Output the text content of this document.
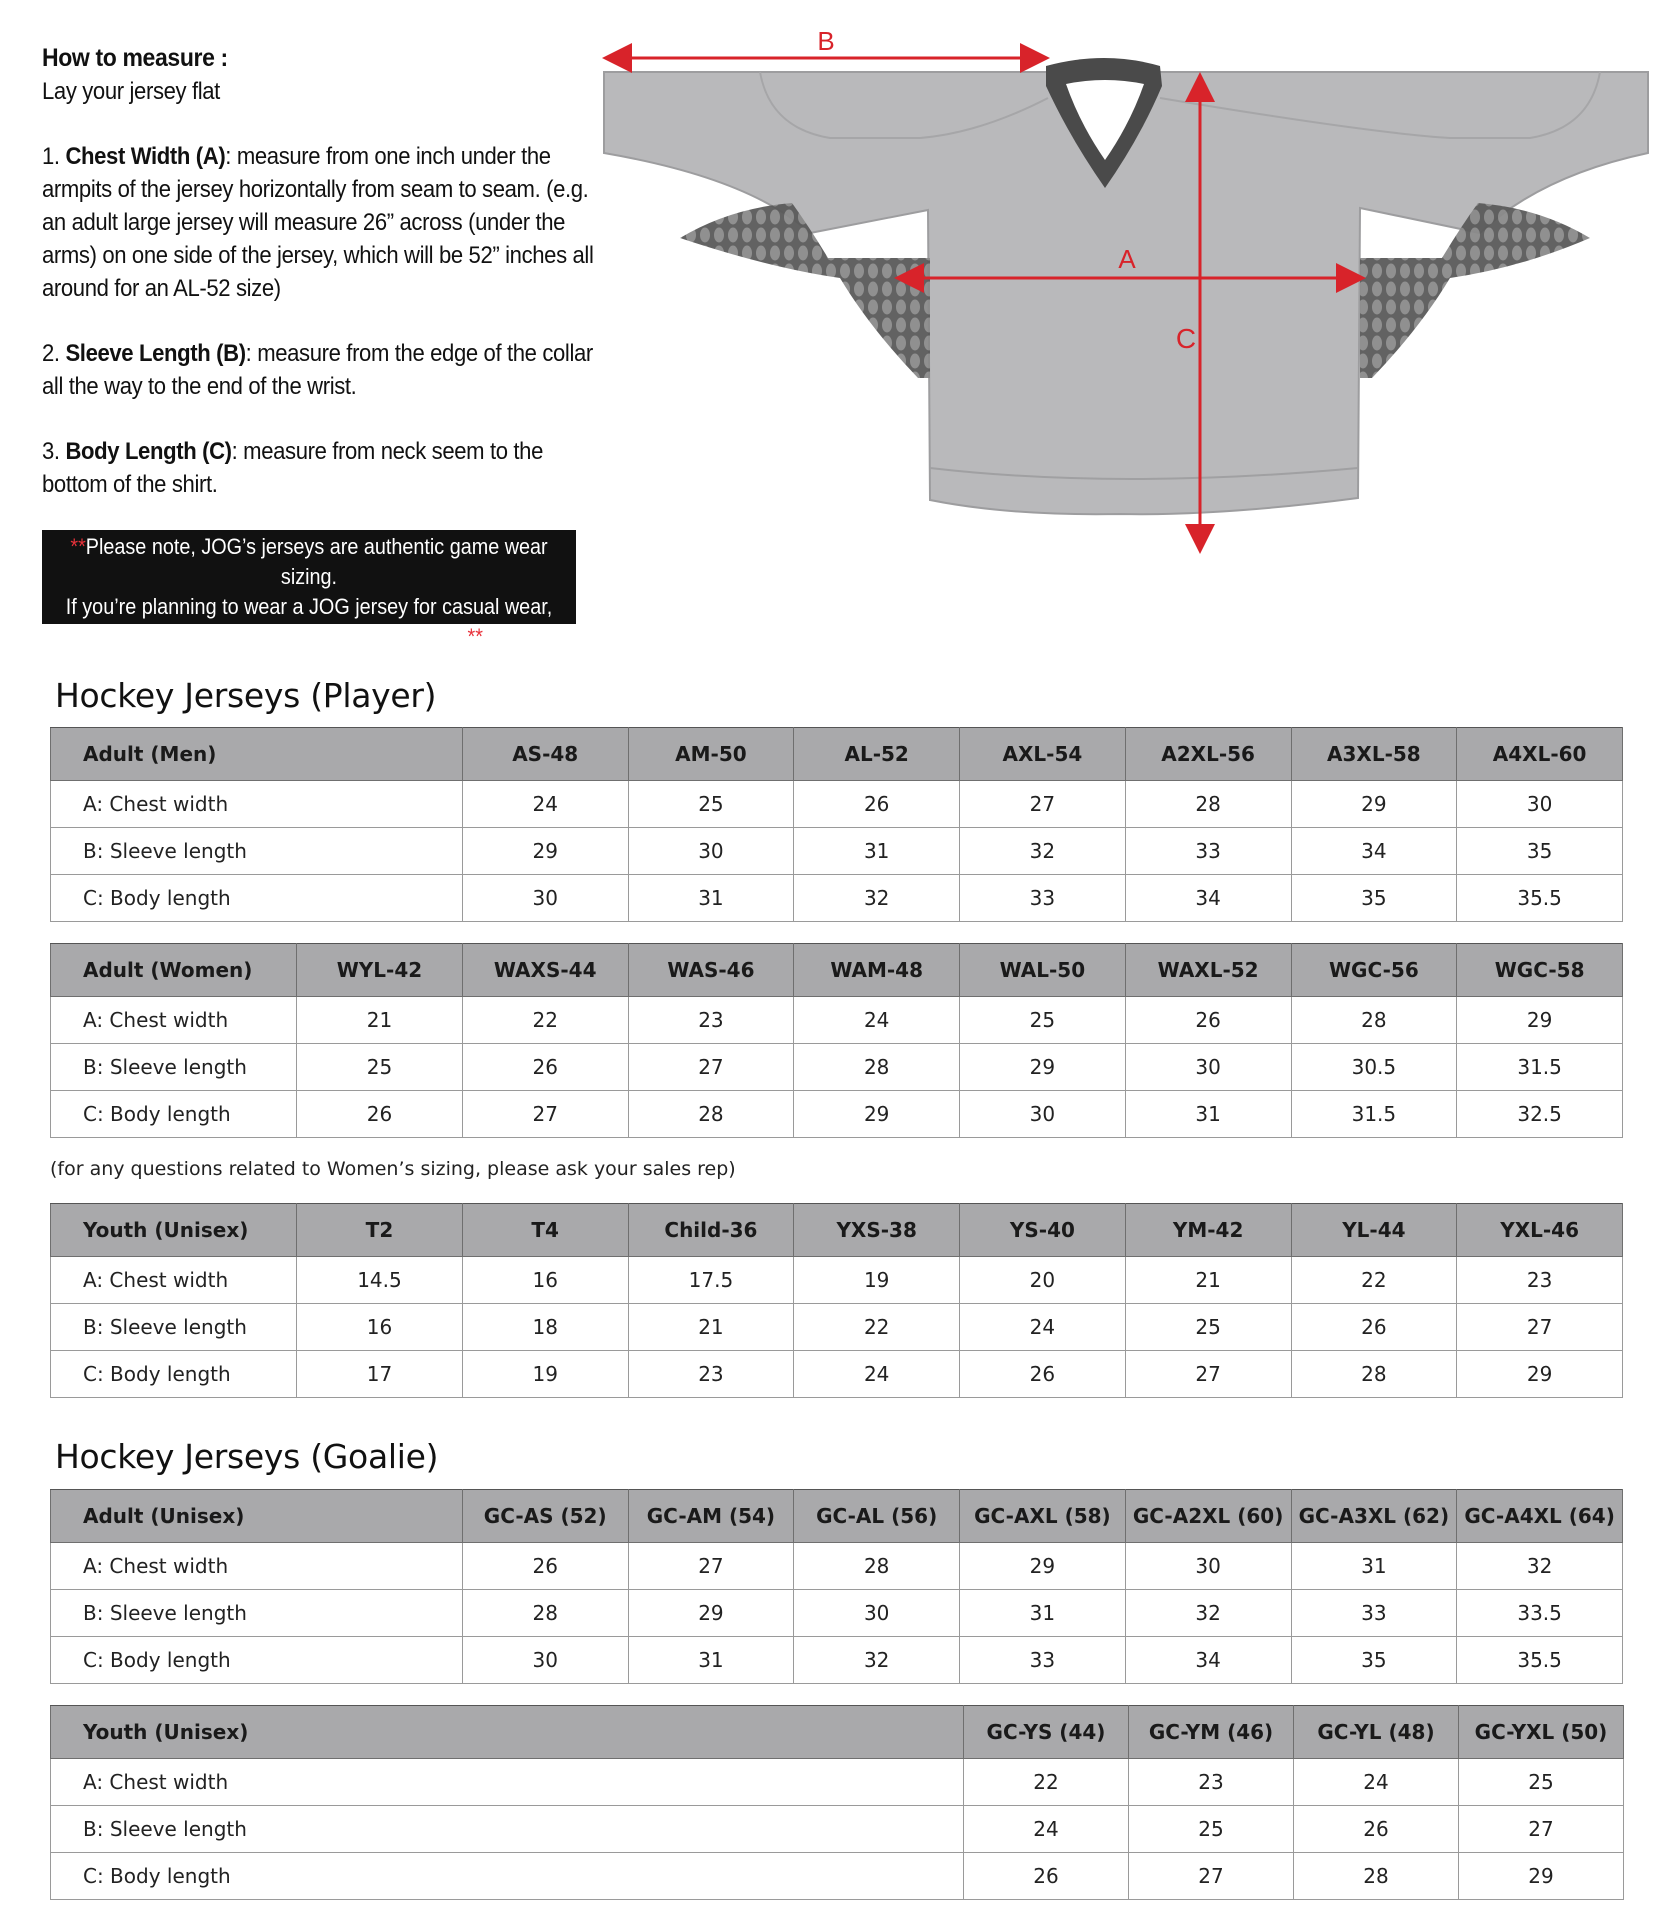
How to measure :

Lay your jersey flat

1. Chest Width (A): measure from one inch under the armpits of the jersey horizontally from seam to seam. (e.g. an adult large jersey will measure 26” across (under the arms) on one side of the jersey, which will be 52” inches all around for an AL-52 size)

2. Sleeve Length (B): measure from the edge of the collar all the way to the end of the wrist.

3. Body Length (C): measure from neck seem to the bottom of the shirt.

**Please note, JOG’s jerseys are authentic game wear sizing.
If you’re planning to wear a JOG jersey for casual wear,
we suggest you order 1-2 sizes down.**
B
A
C
Hockey Jerseys (Player)
Adult (Men)	AS-48	AM-50	AL-52	AXL-54	A2XL-56	A3XL-58	A4XL-60
A: Chest width	24	25	26	27	28	29	30
B: Sleeve length	29	30	31	32	33	34	35
C: Body length	30	31	32	33	34	35	35.5
Adult (Women)	WYL-42	WAXS-44	WAS-46	WAM-48	WAL-50	WAXL-52	WGC-56	WGC-58
A: Chest width	21	22	23	24	25	26	28	29
B: Sleeve length	25	26	27	28	29	30	30.5	31.5
C: Body length	26	27	28	29	30	31	31.5	32.5
(for any questions related to Women’s sizing, please ask your sales rep)
Youth (Unisex)	T2	T4	Child-36	YXS-38	YS-40	YM-42	YL-44	YXL-46
A: Chest width	14.5	16	17.5	19	20	21	22	23
B: Sleeve length	16	18	21	22	24	25	26	27
C: Body length	17	19	23	24	26	27	28	29
Hockey Jerseys (Goalie)
Adult (Unisex)	GC-AS (52)	GC-AM (54)	GC-AL (56)	GC-AXL (58)	GC-A2XL (60)	GC-A3XL (62)	GC-A4XL (64)
A: Chest width	26	27	28	29	30	31	32
B: Sleeve length	28	29	30	31	32	33	33.5
C: Body length	30	31	32	33	34	35	35.5
Youth (Unisex)	GC-YS (44)	GC-YM (46)	GC-YL (48)	GC-YXL (50)
A: Chest width	22	23	24	25
B: Sleeve length	24	25	26	27
C: Body length	26	27	28	29
